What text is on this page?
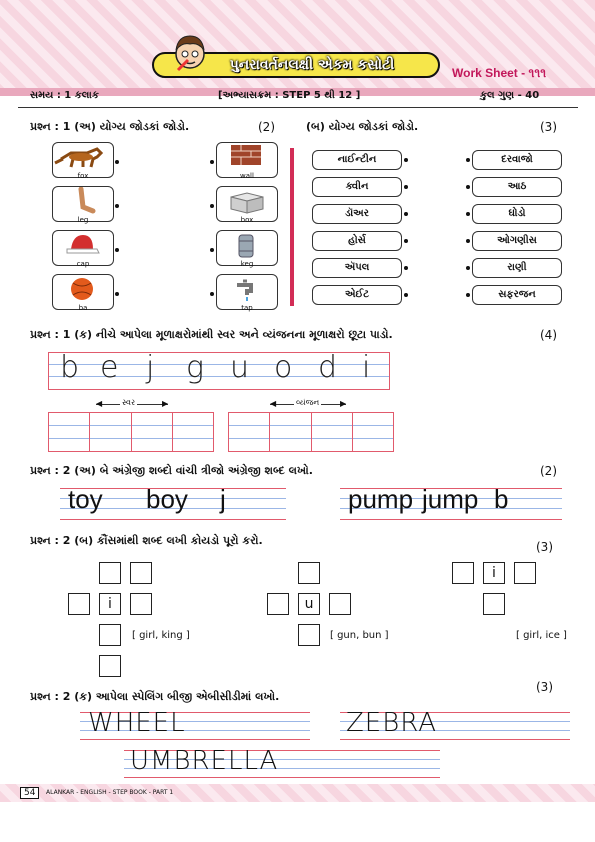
પુનરાવર્તનલક્ષી એકમ કસોટી	Work Sheet - ૧૧૧
સમય : 1 કલાક	[અભ્યાસક્રમ : STEP 5 થી 12 ]	કુલ ગુણ - 40
પ્રશ્ન : 1 (અ) યોગ્ય જોડકાં જોડો.	(2)
fox
leg
cap
ba
wall
box
keg
tap
(બ) યોગ્ય જોડકાં જોડો.	(3)
નાઈન્ટીન
ક્વીન
ડૉઅર
હોર્સ
ઍપલ
એઈટ
દરવાજો
આઠ
ઘોડો
ઓગણીસ
રાણી
સફરજન
પ્રશ્ન : 1 (ક) નીચે આપેલા મૂળાક્ષરોમાંથી સ્વર અને વ્યંજનના મૂળાક્ષરો છૂટા પાડો.	(4)
b e j g u o d i
◀	▶
સ્વર	◀	▶
વ્યંજન
પ્રશ્ન : 2 (અ) બે અંગ્રેજી શબ્દો વાંચી ત્રીજો અંગ્રેજી શબ્દ લખો.	(2)
toy boy j	pump jump b
પ્રશ્ન : 2 (બ) કૌંસમાંથી શબ્દ લખી કોયડો પૂરો કરો.	(3)
i
[ girl, king ]
u
[ gun, bun ]
i
[ girl, ice ]
પ્રશ્ન : 2 (ક) આપેલા સ્પેલિંગ બીજી એબીસીડીમાં લખો.
(3)
WHEEL	ZEBRA
UMBRELLA
54	ALANKAR - ENGLISH - STEP BOOK - PART 1
